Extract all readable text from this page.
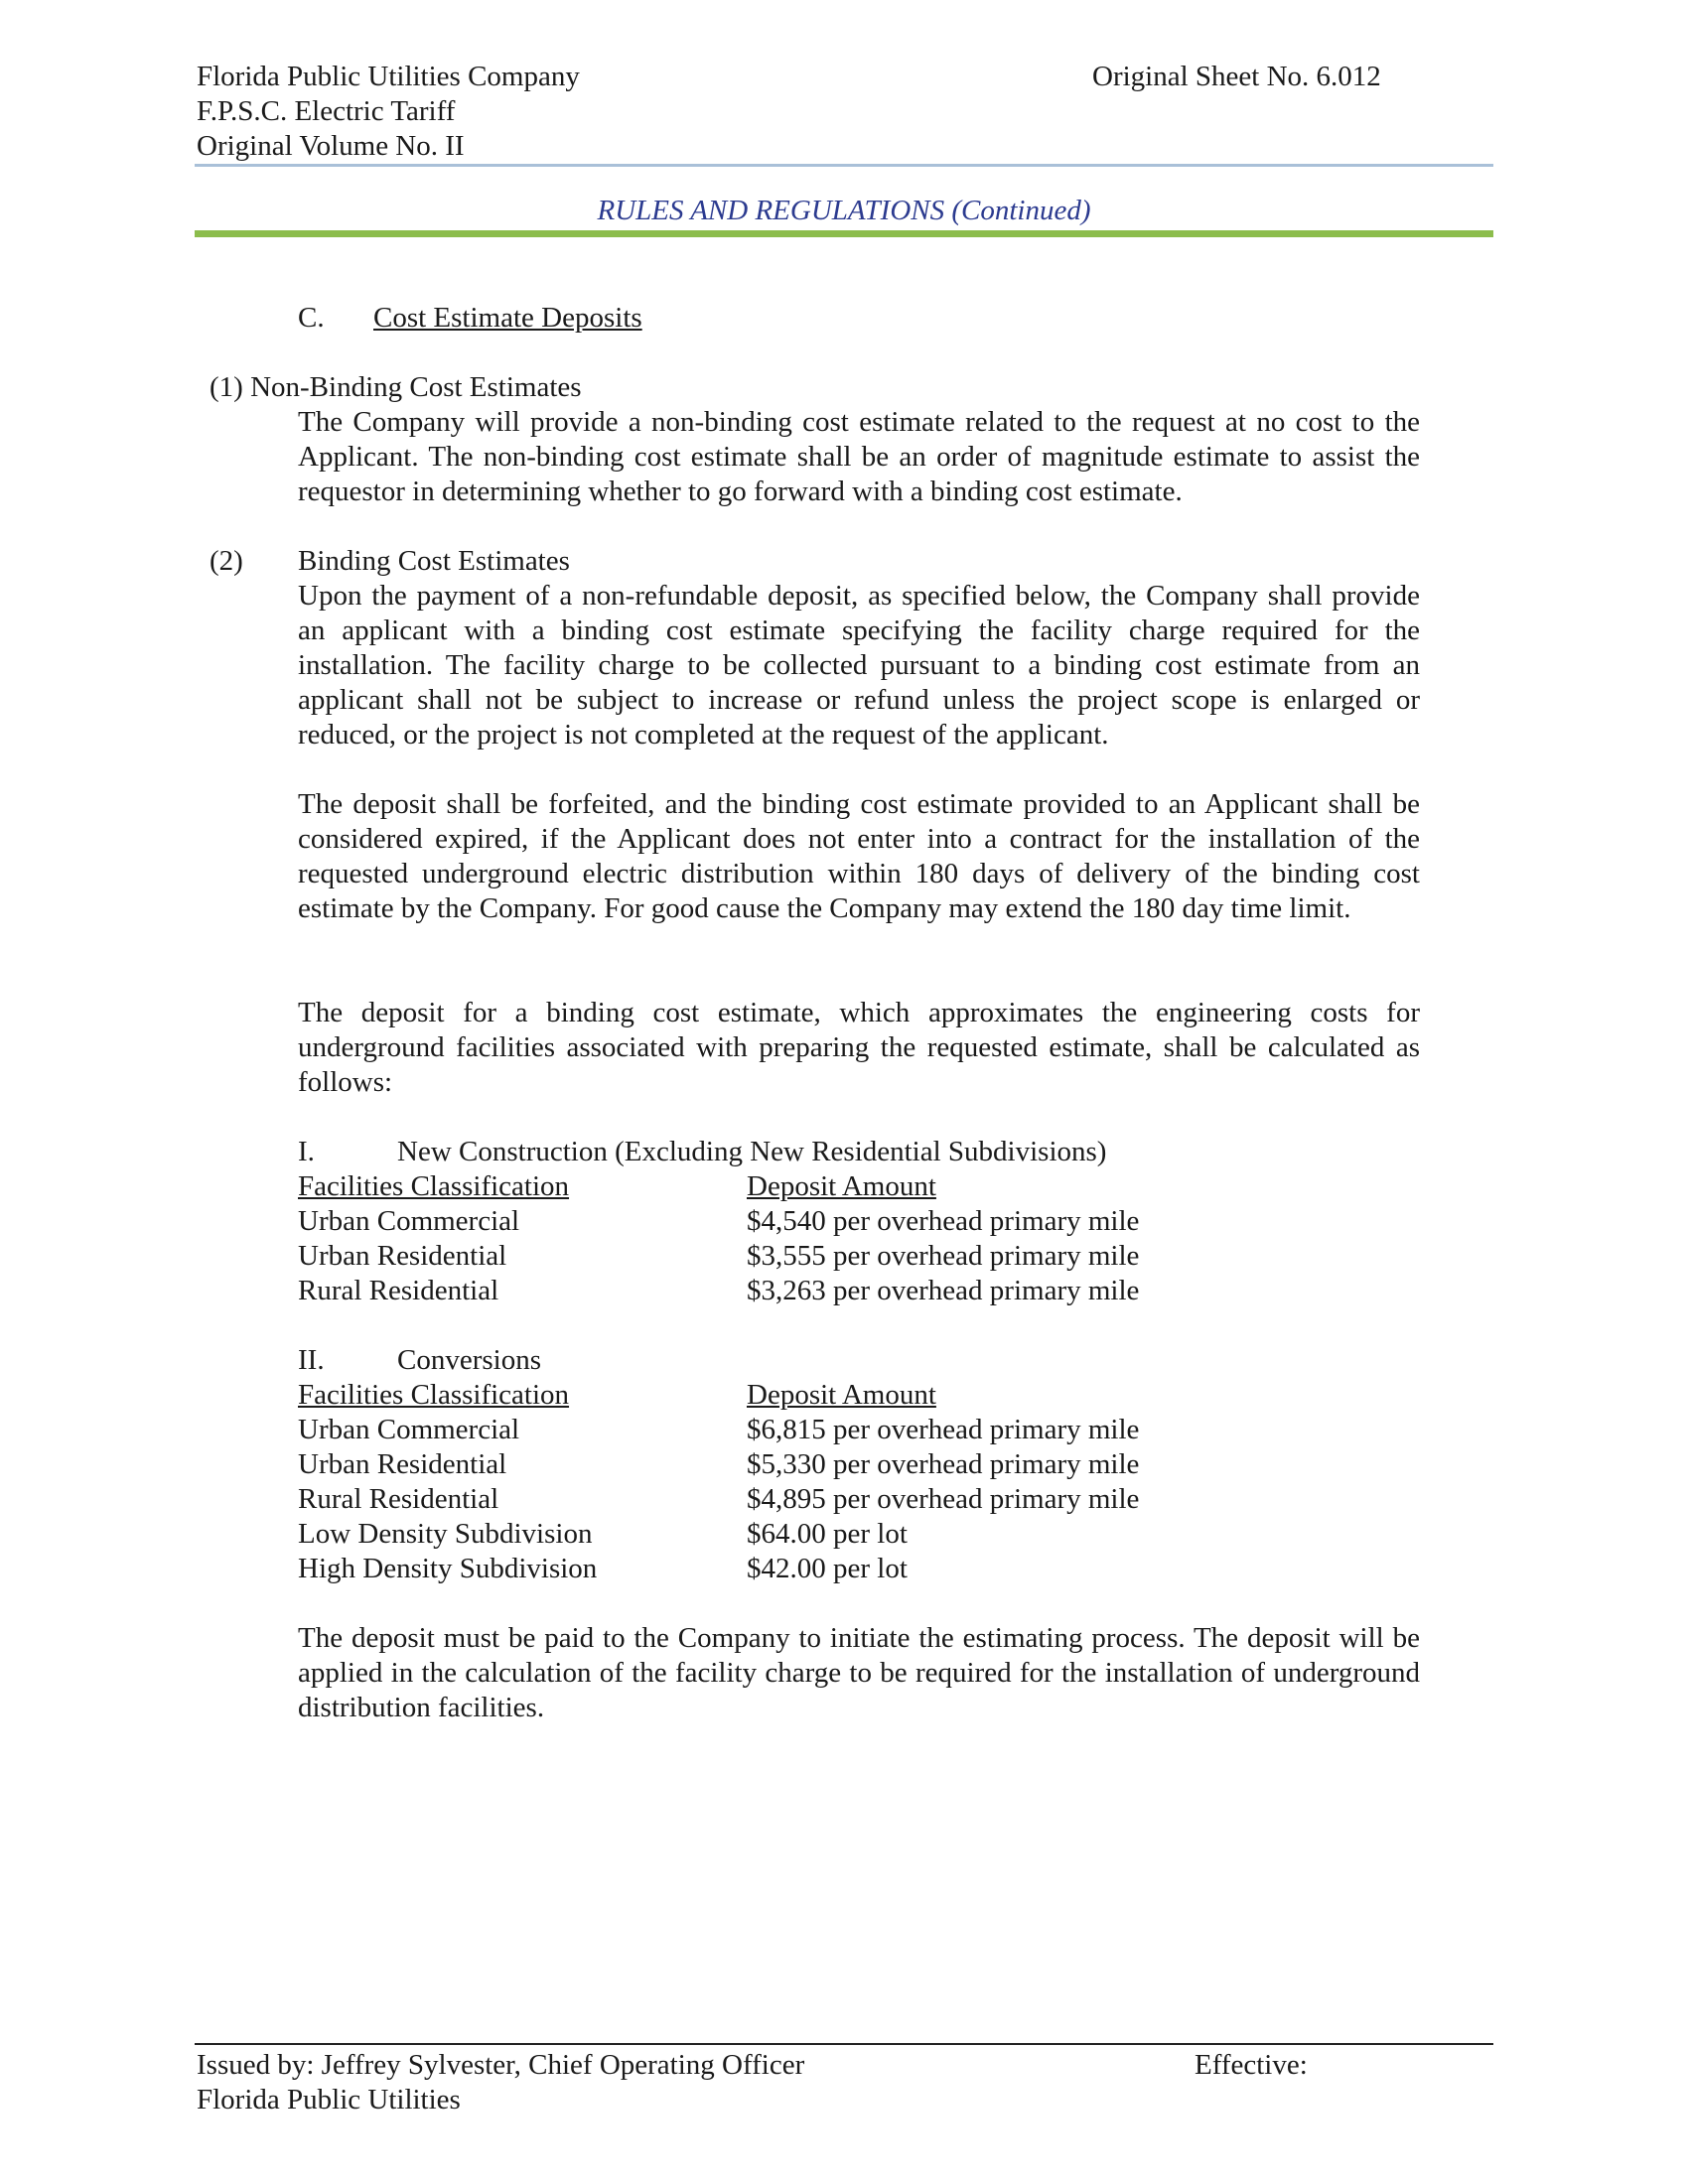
Florida Public Utilities Company
F.P.S.C. Electric Tariff
Original Volume No. II
Original Sheet No. 6.012
RULES AND REGULATIONS (Continued)
C. Cost Estimate Deposits
(1) Non-Binding Cost Estimates
The Company will provide a non-binding cost estimate related to the request at no cost to the Applicant. The non-binding cost estimate shall be an order of magnitude estimate to assist the requestor in determining whether to go forward with a binding cost estimate.
(2) Binding Cost Estimates
Upon the payment of a non-refundable deposit, as specified below, the Company shall provide an applicant with a binding cost estimate specifying the facility charge required for the installation. The facility charge to be collected pursuant to a binding cost estimate from an applicant shall not be subject to increase or refund unless the project scope is enlarged or reduced, or the project is not completed at the request of the applicant.
The deposit shall be forfeited, and the binding cost estimate provided to an Applicant shall be considered expired, if the Applicant does not enter into a contract for the installation of the requested underground electric distribution within 180 days of delivery of the binding cost estimate by the Company. For good cause the Company may extend the 180 day time limit.
The deposit for a binding cost estimate, which approximates the engineering costs for underground facilities associated with preparing the requested estimate, shall be calculated as follows:
I.	New Construction (Excluding New Residential Subdivisions)
Facilities Classification	Deposit Amount
Urban Commercial	$4,540 per overhead primary mile
Urban Residential	$3,555 per overhead primary mile
Rural Residential	$3,263 per overhead primary mile
II.	Conversions
Facilities Classification	Deposit Amount
Urban Commercial	$6,815 per overhead primary mile
Urban Residential	$5,330 per overhead primary mile
Rural Residential	$4,895 per overhead primary mile
Low Density Subdivision	$64.00 per lot
High Density Subdivision	$42.00 per lot
The deposit must be paid to the Company to initiate the estimating process. The deposit will be applied in the calculation of the facility charge to be required for the installation of underground distribution facilities.
Issued by: Jeffrey Sylvester, Chief Operating Officer
Florida Public Utilities
Effective:
